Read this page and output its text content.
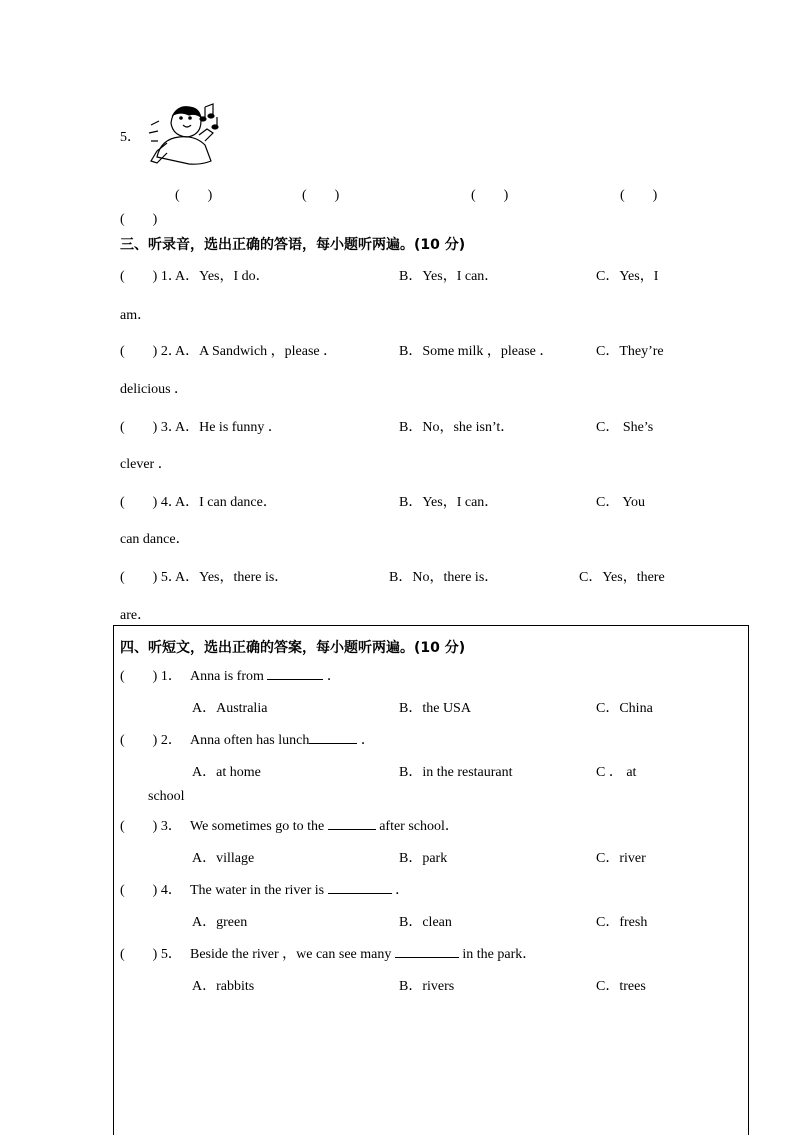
5．
(　　)	(　　)	(　　)	(　　)
(　　)
三、听录音，选出正确的答语，每小题听两遍。(10 分)
(　　) 1．
A．Yes，I do．	B．Yes，I can．	C．Yes，I
am．
(　　) 2．
A．A Sandwich ，please ．	B．Some milk ，please ．	C．They’re
delicious ．
(　　) 3．
A．He is funny ．	B．No，she isn’t．	C． She’s
clever ．
(　　) 4．
A．I can dance．	B．Yes，I can．	C． You
can dance．
(　　) 5．
A．Yes，there is．	B．No，there is．	C．Yes，there
are．
四、听短文，选出正确的答案，每小题听两遍。(10 分)
(　　) 1． Anna is from	．
A．Australia	B．the USA	C．China
(　　) 2． Anna often has lunch	．
A．at home	B．in the restaurant	C ． at
school
(　　) 3． We sometimes go to the	after school．
A．village	B．park	C．river
(　　) 4． The water in the river is	．
A．green	B．clean	C．fresh
(　　) 5． Beside the river ，we can see many	in the park．
A．rabbits	B．rivers	C．trees
